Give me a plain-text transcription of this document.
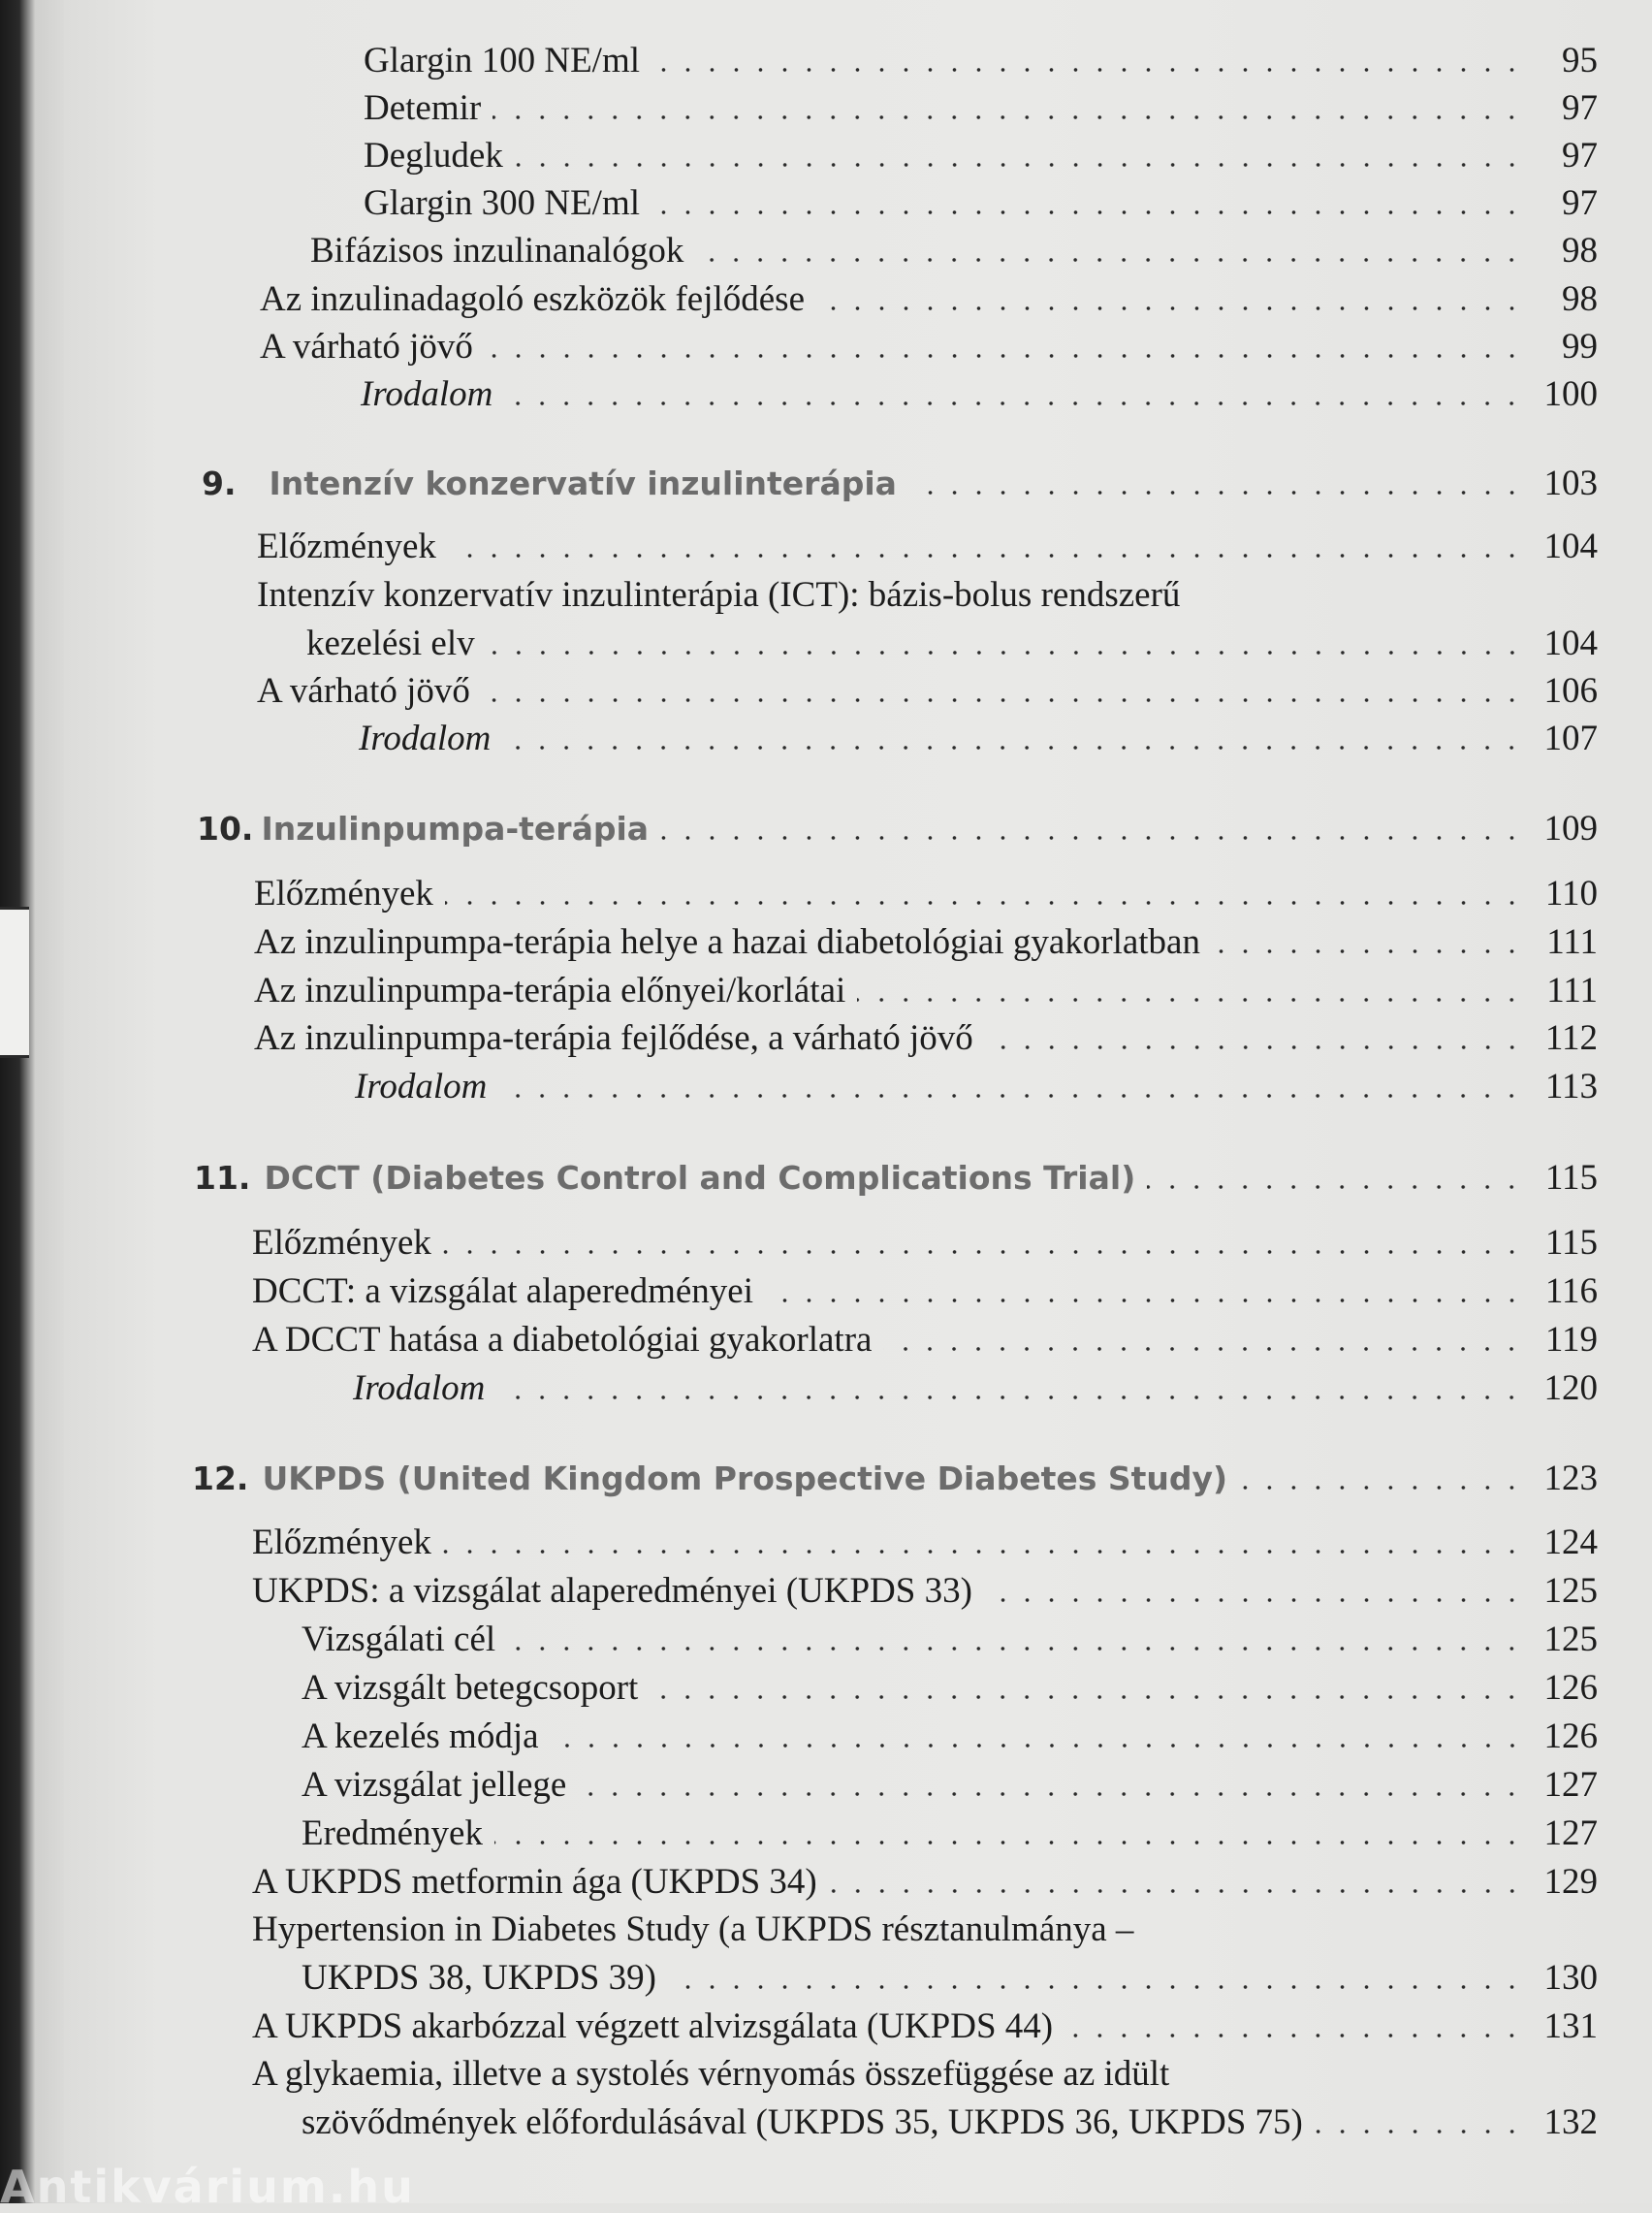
Glargin 100 NE/ml	95
Detemir	97
Degludek	97
Glargin 300 NE/ml	97
Bifázisos inzulinanalógok	98
Az inzulinadagoló eszközök fejlődése	98
A várható jövő	99
Irodalom	100
9. Intenzív konzervatív inzulinterápia	103
Előzmények	104
Intenzív konzervatív inzulinterápia (ICT): bázis-bolus rendszerű
kezelési elv	104
A várható jövő	106
Irodalom	107
10. Inzulinpumpa-terápia	109
Előzmények	110
Az inzulinpumpa-terápia helye a hazai diabetológiai gyakorlatban	111
Az inzulinpumpa-terápia előnyei/korlátai	111
Az inzulinpumpa-terápia fejlődése, a várható jövő	112
Irodalom	113
11. DCCT (Diabetes Control and Complications Trial)	115
Előzmények	115
DCCT: a vizsgálat alaperedményei	116
A DCCT hatása a diabetológiai gyakorlatra	119
Irodalom	120
12. UKPDS (United Kingdom Prospective Diabetes Study)	123
Előzmények	124
UKPDS: a vizsgálat alaperedményei (UKPDS 33)	125
Vizsgálati cél	125
A vizsgált betegcsoport	126
A kezelés módja	126
A vizsgálat jellege	127
Eredmények	127
A UKPDS metformin ága (UKPDS 34)	129
Hypertension in Diabetes Study (a UKPDS résztanulmánya –
UKPDS 38, UKPDS 39)	130
A UKPDS akarbózzal végzett alvizsgálata (UKPDS 44)	131
A glykaemia, illetve a systolés vérnyomás összefüggése az idült
szövődmények előfordulásával (UKPDS 35, UKPDS 36, UKPDS 75)	132
Antikvárium.hu
